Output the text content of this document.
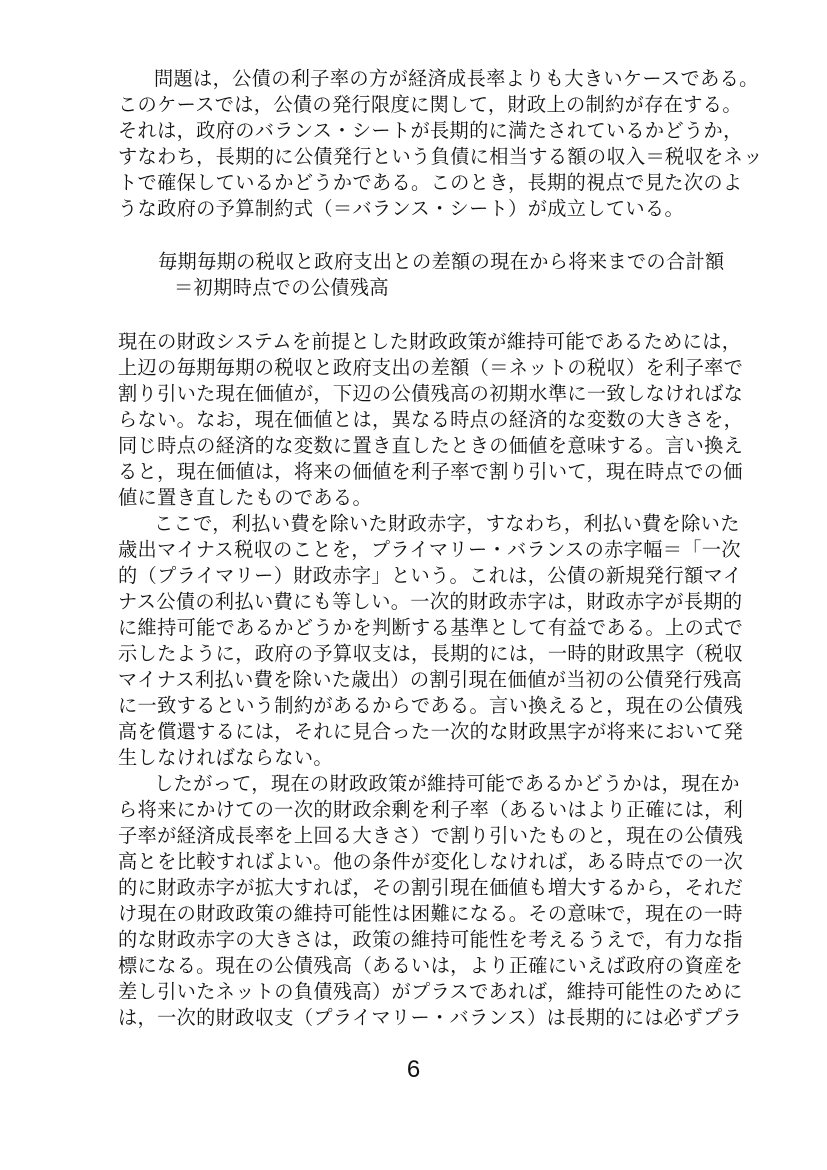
問題は，公債の利子率の方が経済成長率よりも大きいケースである。
このケースでは，公債の発行限度に関して，財政上の制約が存在する。
それは，政府のバランス・シートが長期的に満たされているかどうか，
すなわち，長期的に公債発行という負債に相当する額の収入＝税収をネッ
トで確保しているかどうかである。このとき，長期的視点で見た次のよ
うな政府の予算制約式（＝バランス・シート）が成立している。
毎期毎期の税収と政府支出との差額の現在から将来までの合計額
＝初期時点での公債残高
現在の財政システムを前提とした財政政策が維持可能であるためには，
上辺の毎期毎期の税収と政府支出の差額（＝ネットの税収）を利子率で
割り引いた現在価値が，下辺の公債残高の初期水準に一致しなければな
らない。なお，現在価値とは，異なる時点の経済的な変数の大きさを，
同じ時点の経済的な変数に置き直したときの価値を意味する。言い換え
ると，現在価値は，将来の価値を利子率で割り引いて，現在時点での価
値に置き直したものである。
ここで，利払い費を除いた財政赤字，すなわち，利払い費を除いた
歳出マイナス税収のことを，プライマリー・バランスの赤字幅＝「一次
的（プライマリー）財政赤字」という。これは，公債の新規発行額マイ
ナス公債の利払い費にも等しい。一次的財政赤字は，財政赤字が長期的
に維持可能であるかどうかを判断する基準として有益である。上の式で
示したように，政府の予算収支は，長期的には，一時的財政黒字（税収
マイナス利払い費を除いた歳出）の割引現在価値が当初の公債発行残高
に一致するという制約があるからである。言い換えると，現在の公債残
高を償還するには，それに見合った一次的な財政黒字が将来において発
生しなければならない。
したがって，現在の財政政策が維持可能であるかどうかは，現在か
ら将来にかけての一次的財政余剰を利子率（あるいはより正確には，利
子率が経済成長率を上回る大きさ）で割り引いたものと，現在の公債残
高とを比較すればよい。他の条件が変化しなければ，ある時点での一次
的に財政赤字が拡大すれば，その割引現在価値も増大するから，それだ
け現在の財政政策の維持可能性は困難になる。その意味で，現在の一時
的な財政赤字の大きさは，政策の維持可能性を考えるうえで，有力な指
標になる。現在の公債残高（あるいは，より正確にいえば政府の資産を
差し引いたネットの負債残高）がプラスであれば，維持可能性のために
は，一次的財政収支（プライマリー・バランス）は長期的には必ずプラ
6
